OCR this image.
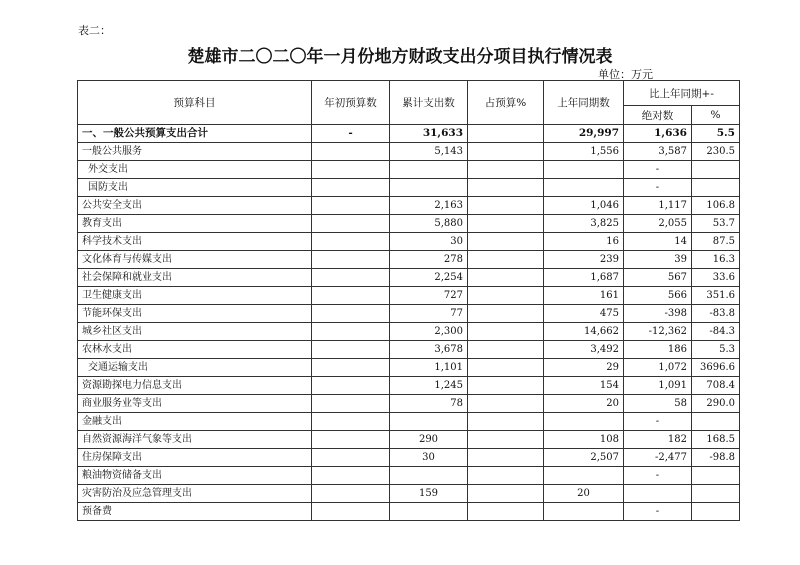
表二：
楚雄市二〇二〇年一月份地方财政支出分项目执行情况表
单位：万元
预算科目	年初预算数	累计支出数	占预算%	上年同期数	比上年同期+-	
					绝对数	%
一、一般公共预算支出合计	-	31,633		29,997	1,636	5.5
一般公共服务		5,143		1,556	3,587	230.5
外交支出					-	
国防支出					-	
公共安全支出		2,163		1,046	1,117	106.8
教育支出		5,880		3,825	2,055	53.7
科学技术支出		30		16	14	87.5
文化体育与传媒支出		278		239	39	16.3
社会保障和就业支出		2,254		1,687	567	33.6
卫生健康支出		727		161	566	351.6
节能环保支出		77		475	-398	-83.8
城乡社区支出		2,300		14,662	-12,362	-84.3
农林水支出		3,678		3,492	186	5.3
交通运输支出		1,101		29	1,072	3696.6
资源勘探电力信息支出		1,245		154	1,091	708.4
商业服务业等支出		78		20	58	290.0
金融支出					-	
自然资源海洋气象等支出		290		108	182	168.5
住房保障支出		30		2,507	-2,477	-98.8
粮油物资储备支出					-	
灾害防治及应急管理支出		159		20		
预备费					-	
